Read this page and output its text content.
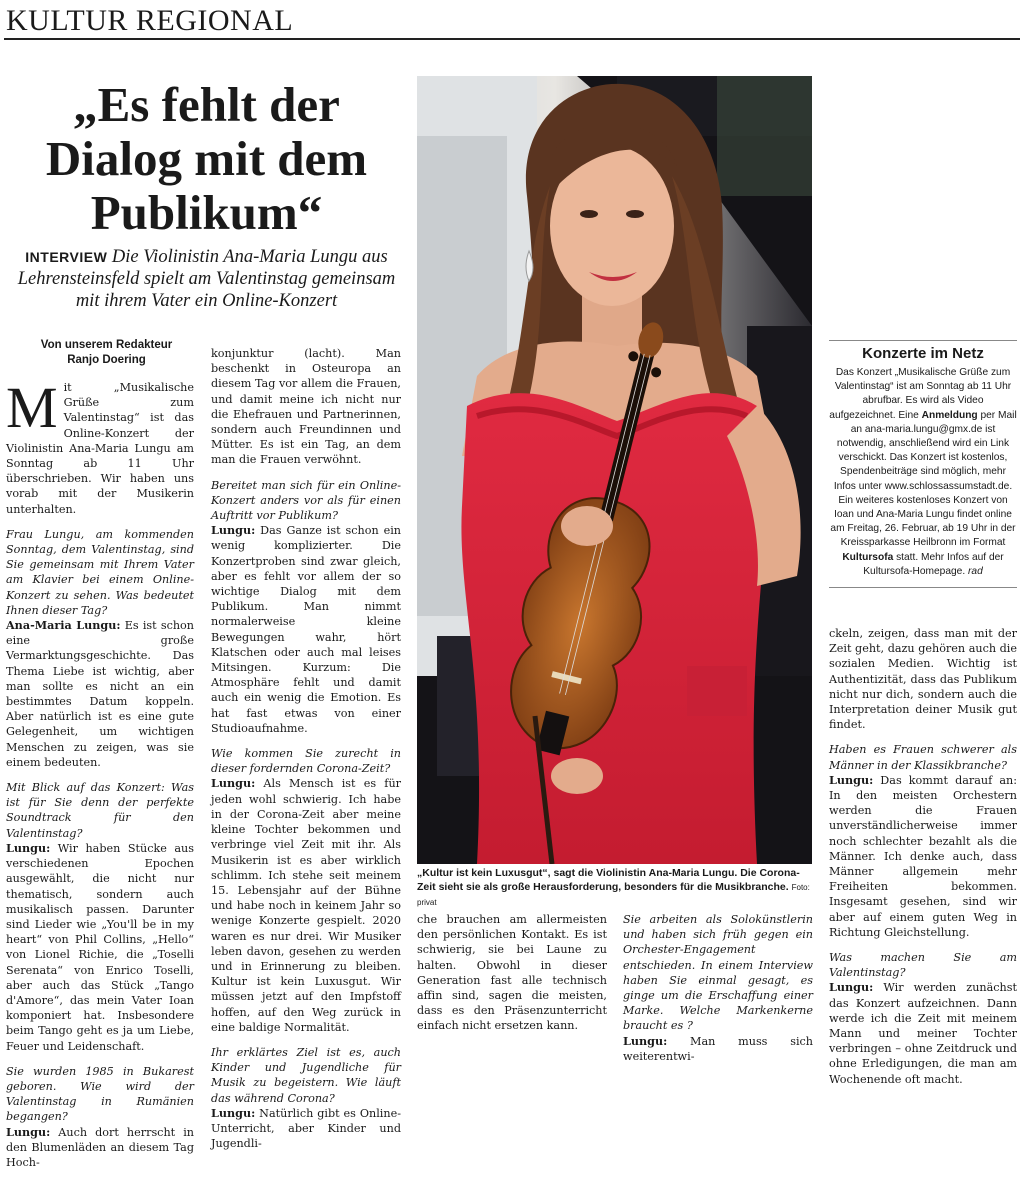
KULTUR REGIONAL
„Es fehlt der Dialog mit dem Publikum“
INTERVIEW Die Violinistin Ana-Maria Lungu aus Lehrensteinsfeld spielt am Valentinstag gemeinsam mit ihrem Vater ein Online-Konzert
Von unserem Redakteur
Ranjo Doering

Mit „Musikalische Grüße zum Valentinstag“ ist das Online-Konzert der Violinistin Ana-Maria Lungu am Sonntag ab 11 Uhr überschrieben. Wir haben uns vorab mit der Musikerin unterhalten.

Frau Lungu, am kommenden Sonntag, dem Valentinstag, sind Sie gemeinsam mit Ihrem Vater am Klavier bei einem Online-Konzert zu sehen. Was bedeutet Ihnen dieser Tag?

Ana-Maria Lungu: Es ist schon eine große Vermarktungsgeschichte. Das Thema Liebe ist wichtig, aber man sollte es nicht an ein bestimmtes Datum koppeln. Aber natürlich ist es eine gute Gelegenheit, um wichtigen Menschen zu zeigen, was sie einem bedeuten.

Mit Blick auf das Konzert: Was ist für Sie denn der perfekte Soundtrack für den Valentinstag?

Lungu: Wir haben Stücke aus verschiedenen Epochen ausgewählt, die nicht nur thematisch, sondern auch musikalisch passen. Darunter sind Lieder wie „You'll be in my heart“ von Phil Collins, „Hello“ von Lionel Richie, die „Toselli Serenata“ von Enrico Toselli, aber auch das Stück „Tango d'Amore“, das mein Vater Ioan komponiert hat. Insbesondere beim Tango geht es ja um Liebe, Feuer und Leidenschaft.

Sie wurden 1985 in Bukarest geboren. Wie wird der Valentinstag in Rumänien begangen?

Lungu: Auch dort herrscht in den Blumenläden an diesem Tag Hoch-

konjunktur (lacht). Man beschenkt in Osteuropa an diesem Tag vor allem die Frauen, und damit meine ich nicht nur die Ehefrauen und Partnerinnen, sondern auch Freundinnen und Mütter. Es ist ein Tag, an dem man die Frauen verwöhnt.

Bereitet man sich für ein Online-Konzert anders vor als für einen Auftritt vor Publikum?

Lungu: Das Ganze ist schon ein wenig komplizierter. Die Konzertproben sind zwar gleich, aber es fehlt vor allem der so wichtige Dialog mit dem Publikum. Man nimmt normalerweise kleine Bewegungen wahr, hört Klatschen oder auch mal leises Mitsingen. Kurzum: Die Atmosphäre fehlt und damit auch ein wenig die Emotion. Es hat fast etwas von einer Studioaufnahme.

Wie kommen Sie zurecht in dieser fordernden Corona-Zeit?

Lungu: Als Mensch ist es für jeden wohl schwierig. Ich habe in der Corona-Zeit aber meine kleine Tochter bekommen und verbringe viel Zeit mit ihr. Als Musikerin ist es aber wirklich schlimm. Ich stehe seit meinem 15. Lebensjahr auf der Bühne und habe noch in keinem Jahr so wenige Konzerte gespielt. 2020 waren es nur drei. Wir Musiker leben davon, gesehen zu werden und in Erinnerung zu bleiben. Kultur ist kein Luxusgut. Wir müssen jetzt auf den Impfstoff hoffen, auf den Weg zurück in eine baldige Normalität.

Ihr erklärtes Ziel ist es, auch Kinder und Jugendliche für Musik zu begeistern. Wie läuft das während Corona?

Lungu: Natürlich gibt es Online-Unterricht, aber Kinder und Jugendli-

„Kultur ist kein Luxusgut“, sagt die Violinistin Ana-Maria Lungu. Die Corona-Zeit sieht sie als große Herausforderung, besonders für die Musikbranche. Foto: privat

che brauchen am allermeisten den persönlichen Kontakt. Es ist schwierig, sie bei Laune zu halten. Obwohl in dieser Generation fast alle technisch affin sind, sagen die meisten, dass es den Präsenzunterricht einfach nicht ersetzen kann.

Sie arbeiten als Solokünstlerin und haben sich früh gegen ein Orchester-Engagement entschieden. In einem Interview haben Sie einmal gesagt, es ginge um die Erschaffung einer Marke. Welche Markenkerne braucht es ?

Lungu: Man muss sich weiterentwi-

Konzerte im Netz
Das Konzert „Musikalische Grüße zum Valentinstag“ ist am Sonntag ab 11 Uhr abrufbar. Es wird als Video aufgezeichnet. Eine Anmeldung per Mail an ana-maria.lungu@gmx.de ist notwendig, anschließend wird ein Link verschickt. Das Konzert ist kostenlos, Spendenbeiträge sind möglich, mehr Infos unter www.schlossassumstadt.de. Ein weiteres kostenloses Konzert von Ioan und Ana-Maria Lungu findet online am Freitag, 26. Februar, ab 19 Uhr in der Kreissparkasse Heilbronn im Format Kultursofa statt. Mehr Infos auf der Kultursofa-Homepage. rad

ckeln, zeigen, dass man mit der Zeit geht, dazu gehören auch die sozialen Medien. Wichtig ist Authentizität, dass das Publikum nicht nur dich, sondern auch die Interpretation deiner Musik gut findet.

Haben es Frauen schwerer als Männer in der Klassikbranche?

Lungu: Das kommt darauf an: In den meisten Orchestern werden die Frauen unverständlicherweise immer noch schlechter bezahlt als die Männer. Ich denke auch, dass Männer allgemein mehr Freiheiten bekommen. Insgesamt gesehen, sind wir aber auf einem guten Weg in Richtung Gleichstellung.

Was machen Sie am Valentinstag?

Lungu: Wir werden zunächst das Konzert aufzeichnen. Dann werde ich die Zeit mit meinem Mann und meiner Tochter verbringen – ohne Zeitdruck und ohne Erledigungen, die man am Wochenende oft macht.
